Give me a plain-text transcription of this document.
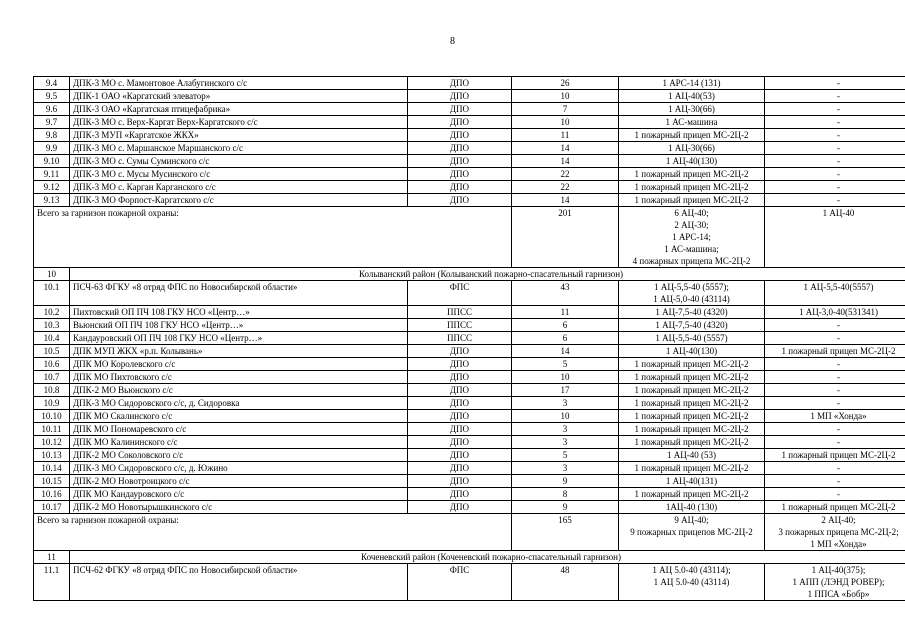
8
9.4	ДПК-3 МО с. Мамонтовое Алабугинского с/с	ДПО	26	1 АРС-14 (131)	-
9.5	ДПК-1 ОАО «Каргатский элеватор»	ДПО	10	1 АЦ-40(53)	-
9.6	ДПК-3 ОАО «Каргатская птицефабрика»	ДПО	7	1 АЦ-30(66)	-
9.7	ДПК-3 МО с. Верх-Каргат Верх-Каргатского с/с	ДПО	10	1 АС-машина	-
9.8	ДПК-3 МУП «Каргатское ЖКХ»	ДПО	11	1 пожарный прицеп МС-2Ц-2	-
9.9	ДПК-3 МО с. Маршанское Маршанского с/с	ДПО	14	1 АЦ-30(66)	-
9.10	ДПК-3 МО с. Сумы Суминского с/с	ДПО	14	1 АЦ-40(130)	-
9.11	ДПК-3 МО с. Мусы Мусинского с/с	ДПО	22	1 пожарный прицеп МС-2Ц-2	-
9.12	ДПК-3 МО с. Карган Карганского с/с	ДПО	22	1 пожарный прицеп МС-2Ц-2	-
9.13	ДПК-3 МО Форпост-Каргатского с/с	ДПО	14	1 пожарный прицеп МС-2Ц-2	-
Всего за гарнизон пожарной охраны:			201	6 АЦ-40;
2 АЦ-30;
1 АРС-14;
1 АС-машина;
4 пожарных прицепа МС-2Ц-2	1 АЦ-40

10	Колыванский район (Колыванский пожарно-спасательный гарнизон)				
10.1	ПСЧ-63 ФГКУ «8 отряд ФПС по Новосибирской области»	ФПС	43	1 АЦ-5,5-40 (5557);
1 АЦ-5,0-40 (43114)	1 АЦ-5,5-40(5557)

10.2	Пихтовский ОП ПЧ 108 ГКУ НСО «Центр…»	ППСС	11	1 АЦ-7,5-40 (4320)	1 АЦ-3,0-40(531341)

10.3	Вьюнский ОП ПЧ 108 ГКУ НСО «Центр…»	ППСС	6	1 АЦ-7,5-40 (4320)	-

10.4	Кандауровский ОП ПЧ 108 ГКУ НСО «Центр…»	ППСС	6	1 АЦ-5,5-40 (5557)	-

10.5	ДПК МУП ЖКХ «р.п. Колывань»	ДПО	14	1 АЦ-40(130)	1 пожарный прицеп МС-2Ц-2

10.6	ДПК МО Королевского с/с	ДПО	5	1 пожарный прицеп МС-2Ц-2	-

10.7	ДПК МО Пихтовского с/с	ДПО	10	1 пожарный прицеп МС-2Ц-2	-

10.8	ДПК-2 МО Вьюнского с/с	ДПО	17	1 пожарный прицеп МС-2Ц-2	-

10.9	ДПК-3 МО Сидоровского с/с, д. Сидоровка	ДПО	3	1 пожарный прицеп МС-2Ц-2	-

10.10	ДПК МО Скалинского с/с	ДПО	10	1 пожарный прицеп МС-2Ц-2	1 МП «Хонда»

10.11	ДПК МО Пономаревского с/с	ДПО	3	1 пожарный прицеп МС-2Ц-2	-

10.12	ДПК МО Калининского с/с	ДПО	3	1 пожарный прицеп МС-2Ц-2	-

10.13	ДПК-2 МО Соколовского с/с	ДПО	5	1 АЦ-40 (53)	1 пожарный прицеп МС-2Ц-2

10.14	ДПК-3 МО Сидоровского с/с, д. Южино	ДПО	3	1 пожарный прицеп МС-2Ц-2	-

10.15	ДПК-2 МО Новотроицкого с/с	ДПО	9	1 АЦ-40(131)	-

10.16	ДПК МО Кандауровского с/с	ДПО	8	1 пожарный прицеп МС-2Ц-2	-

10.17	ДПК-2 МО Новотырышкинского с/с	ДПО	9	1АЦ-40 (130)	1 пожарный прицеп МС-2Ц-2

Всего за гарнизон пожарной охраны:			165	9 АЦ-40;
9 пожарных прицепов МС-2Ц-2	2 АЦ-40;
3 пожарных прицепа МС-2Ц-2;
1 МП «Хонда»

11	Коченевский район (Коченевский пожарно-спасательный гарнизон)				
11.1	ПСЧ-62 ФГКУ «8 отряд ФПС по Новосибирской области»	ФПС	48	1 АЦ 5.0-40 (43114);
1 АЦ 5.0-40 (43114)	1 АЦ-40(375);
1 АПП (ЛЭНД РОВЕР);
1 ППСА «Бобр»
